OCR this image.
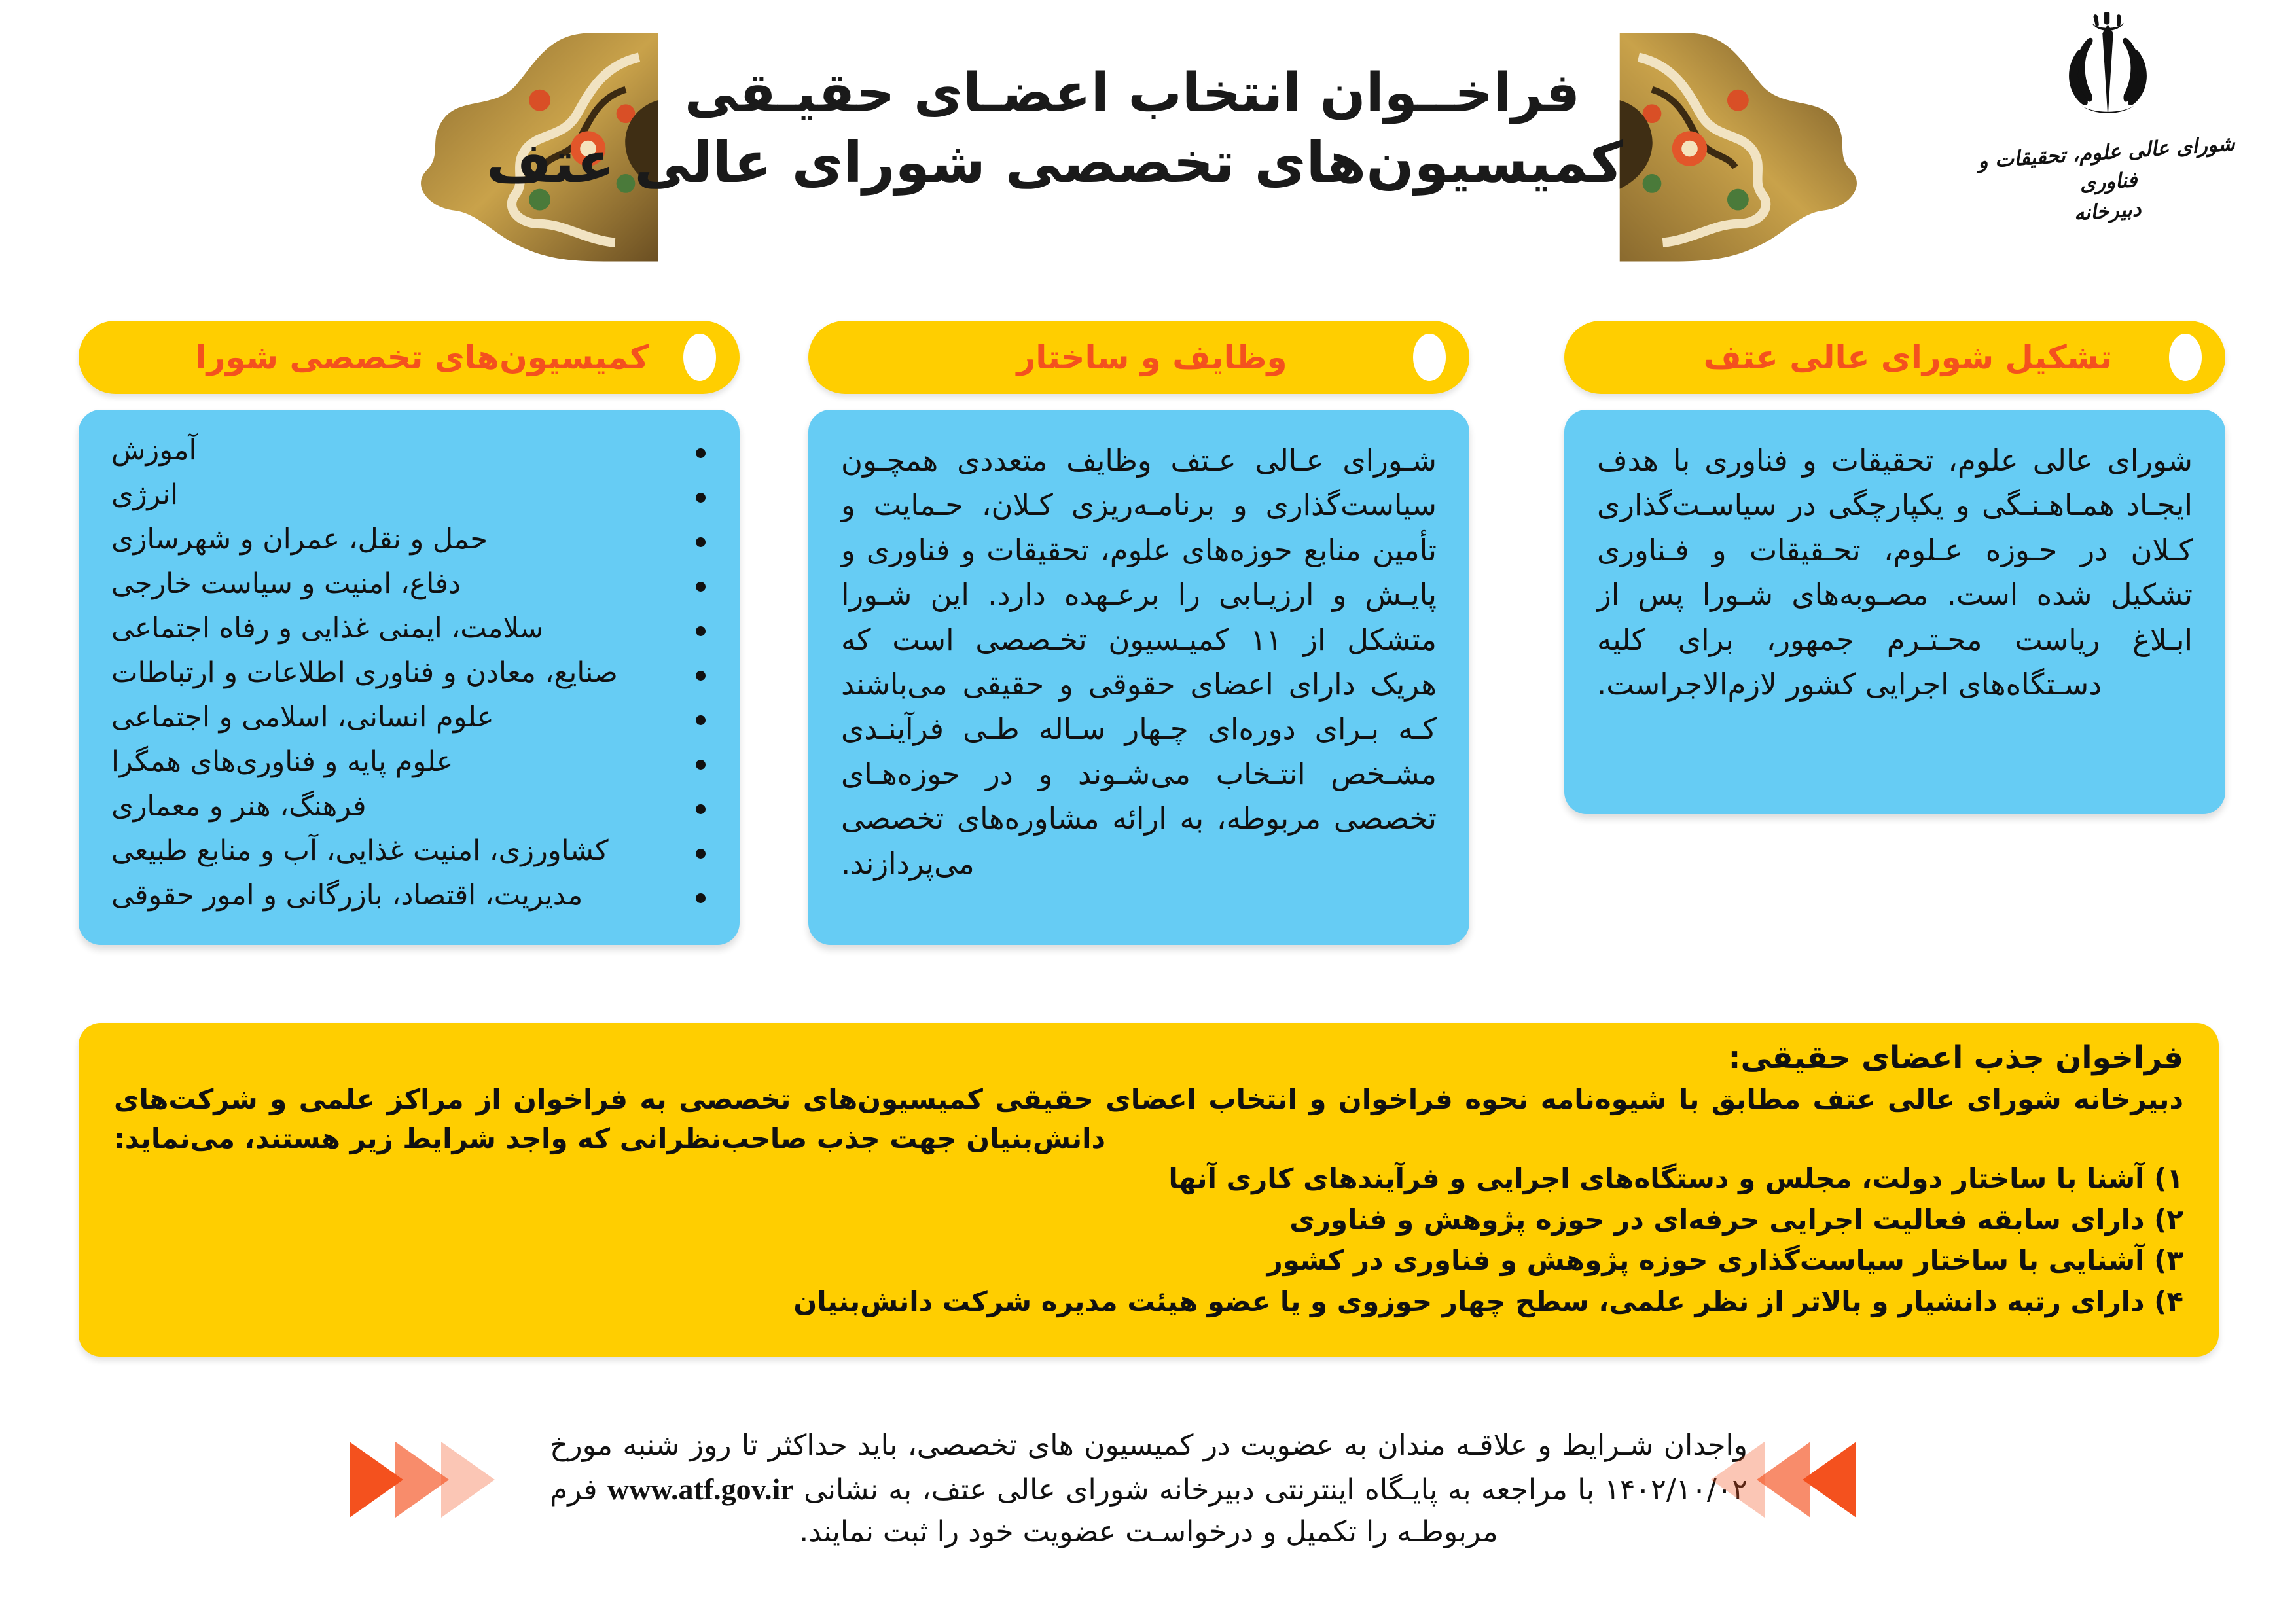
فراخــوان انتخاب اعضـای حقیـقی
کمیسیون‌های تخصصی شورای عالی عتف	شورای عالی علوم، تحقیقات و فناوری
دبیرخانه
تشکیل شورای عالی عتف

شورای عالی علوم، تحقیقات و فناوری با هدف ایجـاد همـاهـنـگی و یکپارچگی در سیاسـت‌گذاری کـلان در حـوزه عـلوم، تحـقیقات و فـناوری تشکیل شده است. مصـوبه‌های شـورا پس از ابـلاغ ریاست محـتـرم جمهور، برای کلیه دسـتگاه‌های اجرایی کشور لازم‌الاجراست.

وظایف و ساختار

شـورای عـالی عـتف وظایف متعددی همچـون سیاست‌گذاری و برنامـه‌ریزی کـلان، حـمایت و تأمین منابع حوزه‌های علوم، تحقیقات و فناوری و پایـش و ارزیـابی را برعـهده دارد. این شـورا متشکل از ۱۱ کمیـسیون تخـصصی است که هریک دارای اعضای حقوقی و حقیقی می‌باشند کـه بـرای دوره‌ای چـهار سـاله طـی فرآینـدی مشـخص انتـخاب می‌شـوند و در حوزه‌هـای تخصصی مربوطه، به ارائه مشاوره‌های تخصصی می‌پردازند.

کمیسیون‌های تخصصی شورا
آموزش
انرژی
حمل و نقل، عمران و شهرسازی
دفاع، امنیت و سیاست خارجی
سلامت، ایمنی غذایی و رفاه اجتماعی
صنایع، معادن و فناوری اطلاعات و ارتباطات
علوم انسانی، اسلامی و اجتماعی
علوم پایه و فناوری‌های همگرا
فرهنگ، هنر و معماری
کشاورزی، امنیت غذایی، آب و منابع طبیعی
مدیریت، اقتصاد، بازرگانی و امور حقوقی
فراخوان جذب اعضای حقیقی:
دبیرخانه شورای عالی عتف مطابق با شیوه‌نامه نحوه فراخوان و انتخاب اعضای حقیقی کمیسیون‌های تخصصی به فراخوان از مراکز علمی و شرکت‌های دانش‌بنیان جهت جذب صاحب‌نظرانی که واجد شرایط زیر هستند، می‌نماید:
۱) آشنا با ساختار دولت، مجلس و دستگاه‌های اجرایی و فرآیندهای کاری آنها
۲) دارای سابقه فعالیت اجرایی حرفه‌ای در حوزه پژوهش و فناوری
۳) آشنایی با ساختار سیاست‌گذاری حوزه پژوهش و فناوری در کشور
۴) دارای رتبه دانشیار و بالاتر از نظر علمی، سطح چهار حوزوی و یا عضو هیئت مدیره شرکت دانش‌بنیان
واجدان شـرایط و علاقـه مندان به عضویت در کمیسیون های تخصصی، باید حداکثر تا روز شنبه مورخ ۱۴۰۲/۱۰/۰۲ با مراجعه به پایـگاه اینترنتی دبیرخانه شورای عالی عتف، به نشانی www.atf.gov.ir فرم مربوطـه را تکمیل و درخواسـت عضویت خود را ثبت نمایند.
